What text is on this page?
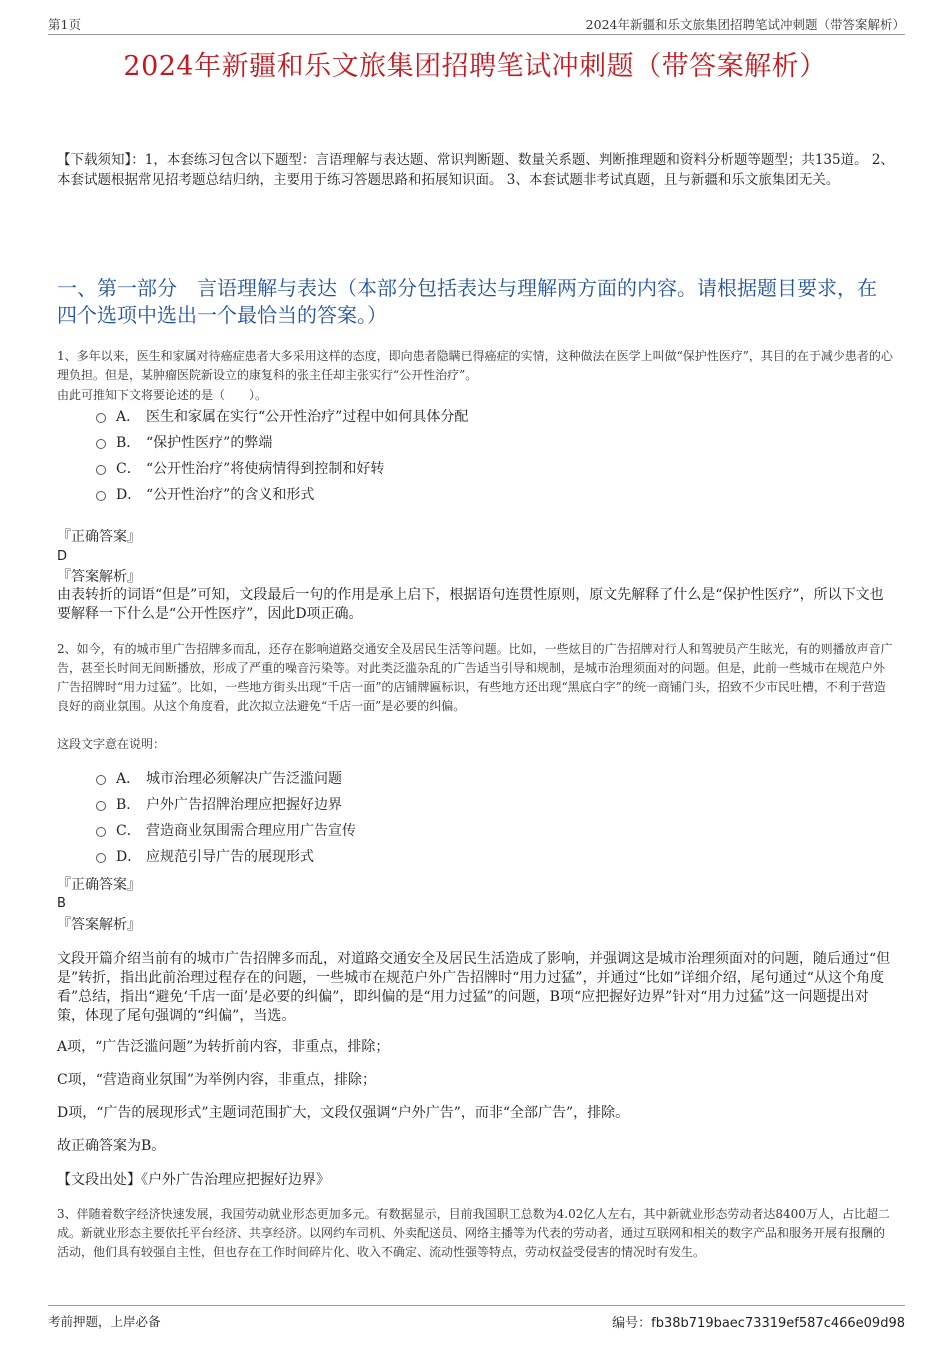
第1页	2024年新疆和乐文旅集团招聘笔试冲刺题（带答案解析）
2024年新疆和乐文旅集团招聘笔试冲刺题（带答案解析）
【下载须知】：1，本套练习包含以下题型：言语理解与表达题、常识判断题、数量关系题、判断推理题和资料分析题等题型；共135道。 2、本套试题根据常见招考题总结归纳，主要用于练习答题思路和拓展知识面。 3、本套试题非考试真题，且与新疆和乐文旅集团无关。
一、第一部分　言语理解与表达（本部分包括表达与理解两方面的内容。请根据题目要求，在四个选项中选出一个最恰当的答案。）
1、多年以来，医生和家属对待癌症患者大多采用这样的态度，即向患者隐瞒已得癌症的实情，这种做法在医学上叫做“保护性医疗”，其目的在于减少患者的心理负担。但是，某肿瘤医院新设立的康复科的张主任却主张实行“公开性治疗”。
由此可推知下文将要论述的是（　　）。
A． 医生和家属在实行“公开性治疗”过程中如何具体分配
B． “保护性医疗”的弊端
C． “公开性治疗”将使病情得到控制和好转
D． “公开性治疗”的含义和形式
『正确答案』
D
『答案解析』
由表转折的词语“但是”可知，文段最后一句的作用是承上启下，根据语句连贯性原则，原文先解释了什么是“保护性医疗”，所以下文也要解释一下什么是“公开性医疗”，因此D项正确。
2、如今，有的城市里广告招牌多而乱，还存在影响道路交通安全及居民生活等问题。比如，一些炫目的广告招牌对行人和驾驶员产生眩光，有的则播放声音广告，甚至长时间无间断播放，形成了严重的噪音污染等。对此类泛滥杂乱的广告适当引导和规制，是城市治理须面对的问题。但是，此前一些城市在规范户外广告招牌时“用力过猛”。比如，一些地方街头出现“千店一面”的店铺牌匾标识，有些地方还出现“黑底白字”的统一商铺门头，招致不少市民吐槽，不利于营造良好的商业氛围。从这个角度看，此次拟立法避免“千店一面”是必要的纠偏。
这段文字意在说明：
A． 城市治理必须解决广告泛滥问题
B． 户外广告招牌治理应把握好边界
C． 营造商业氛围需合理应用广告宣传
D． 应规范引导广告的展现形式
『正确答案』
B
『答案解析』
文段开篇介绍当前有的城市广告招牌多而乱，对道路交通安全及居民生活造成了影响，并强调这是城市治理须面对的问题，随后通过“但是”转折，指出此前治理过程存在的问题，一些城市在规范户外广告招牌时“用力过猛”，并通过“比如”详细介绍，尾句通过“从这个角度看”总结，指出“避免‘千店一面’是必要的纠偏”，即纠偏的是“用力过猛”的问题，B项“应把握好边界”针对“用力过猛”这一问题提出对策，体现了尾句强调的“纠偏”，当选。
A项，“广告泛滥问题”为转折前内容，非重点，排除；
C项，“营造商业氛围”为举例内容，非重点，排除；
D项，“广告的展现形式”主题词范围扩大，文段仅强调“户外广告”，而非“全部广告”，排除。
故正确答案为B。
【文段出处】《户外广告治理应把握好边界》
3、伴随着数字经济快速发展，我国劳动就业形态更加多元。有数据显示，目前我国职工总数为4.02亿人左右，其中新就业形态劳动者达8400万人，占比超二成。新就业形态主要依托平台经济、共享经济。以网约车司机、外卖配送员、网络主播等为代表的劳动者，通过互联网和相关的数字产品和服务开展有报酬的活动，他们具有较强自主性，但也存在工作时间碎片化、收入不确定、流动性强等特点，劳动权益受侵害的情况时有发生。
考前押题，上岸必备	编号：fb38b719baec73319ef587c466e09d98
